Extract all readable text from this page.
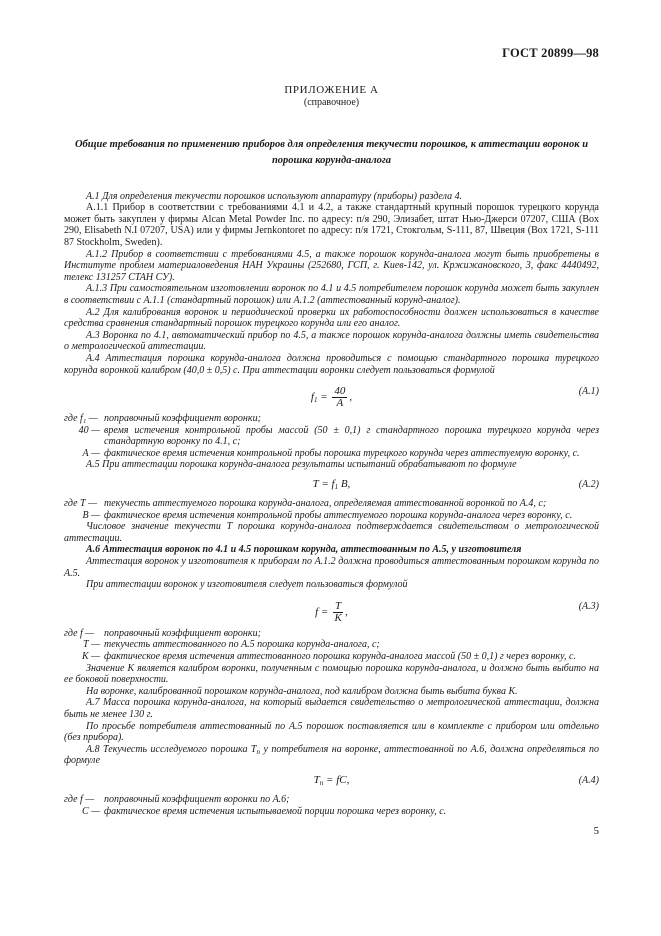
ГОСТ 20899—98

ПРИЛОЖЕНИЕ А
(справочное)
Общие требования по применению приборов для определения текучести порошков, к аттестации воронок и порошка корунда-аналога

А.1 Для определения текучести порошков используют аппаратуру (приборы) раздела 4.

А.1.1 Прибор в соответствии с требованиями 4.1 и 4.2, а также стандартный крупный порошок турецкого корунда может быть закуплен у фирмы Alcan Metal Powder Inc. по адресу: п/я 290, Элизабет, штат Нью-Джерси 07207, США (Box 290, Elisabeth N.I 07207, USA) или у фирмы Jernkontoret по адресу: п/я 1721, Стокгольм, S-111, 87, Швеция (Box 1721, S-111 87 Stockholm, Sweden).

А.1.2 Прибор в соответствии с требованиями 4.5, а также порошок корунда-аналога могут быть приобретены в Институте проблем материаловедения НАН Украины (252680, ГСП, г. Киев-142, ул. Кржижановского, 3, факс 4440492, телекс 131257 СТАН СУ).

А.1.3 При самостоятельном изготовлении воронок по 4.1 и 4.5 потребителем порошок корунда может быть закуплен в соответствии с А.1.1 (стандартный порошок) или А.1.2 (аттестованный корунд-аналог).

А.2 Для калибрования воронок и периодической проверки их работоспособности должен использоваться в качестве средства сравнения стандартный порошок турецкого корунда или его аналог.

А.3 Воронка по 4.1, автоматический прибор по 4.5, а также порошок корунда-аналога должны иметь свидетельства о метрологической аттестации.

А.4 Аттестация порошка корунда-аналога должна проводиться с помощью стандартного порошка турецкого корунда воронкой калибром (40,0 ± 0,5) с. При аттестации воронки следует пользоваться формулой

$f_1 = \frac{40}{A}$ ,	(А.1)
где f₁ — поправочный коэффициент воронки;
40 — время истечения контрольной пробы массой (50 ± 0,1) г стандартного порошка турецкого корунда через стандартную воронку по 4.1, с;
А — фактическое время истечения контрольной пробы порошка турецкого корунда через аттестуемую воронку, с.

А.5 При аттестации порошка корунда-аналога результаты испытаний обрабатывают по формуле

$T = f_1$ B,	(А.2)
где Т — текучесть аттестуемого порошка корунда-аналога, определяемая аттестованной воронкой по А.4, с;
В — фактическое время истечения контрольной пробы аттестуемого порошка корунда-аналога через воронку, с.

Числовое значение текучести Т порошка корунда-аналога подтверждается свидетельством о метрологической аттестации.

А.6 Аттестация воронок по 4.1 и 4.5 порошком корунда, аттестованным по А.5, у изготовителя

Аттестация воронок у изготовителя к приборам по А.1.2 должна проводиться аттестованным порошком корунда по А.5.

При аттестации воронок у изготовителя следует пользоваться формулой

$f = \frac{T}{K}$ ,	(А.3)
где f — поправочный коэффициент воронки;
Т — текучесть аттестованного по А.5 порошка корунда-аналога, с;
К — фактическое время истечения аттестованного порошка корунда-аналога массой (50 ± 0,1) г через воронку, с.

Значение К является калибром воронки, полученным с помощью порошка корунда-аналога, и должно быть выбито на ее боковой поверхности.

На воронке, калиброванной порошком корунда-аналога, под калибром должна быть выбита буква К.

А.7 Масса порошка корунда-аналога, на который выдается свидетельство о метрологической аттестации, должна быть не менее 130 г.

По просьбе потребителя аттестованный по А.5 порошок поставляется или в комплекте с прибором или отдельно (без прибора).

А.8 Текучесть исследуемого порошка $Т_п$ у потребителя на воронке, аттестованной по А.6, должна определяться по формуле

$T_п$ = fC,	(А.4)
где f — поправочный коэффициент воронки по А.6;
С — фактическое время истечения испытываемой порции порошка через воронку, с.
5
